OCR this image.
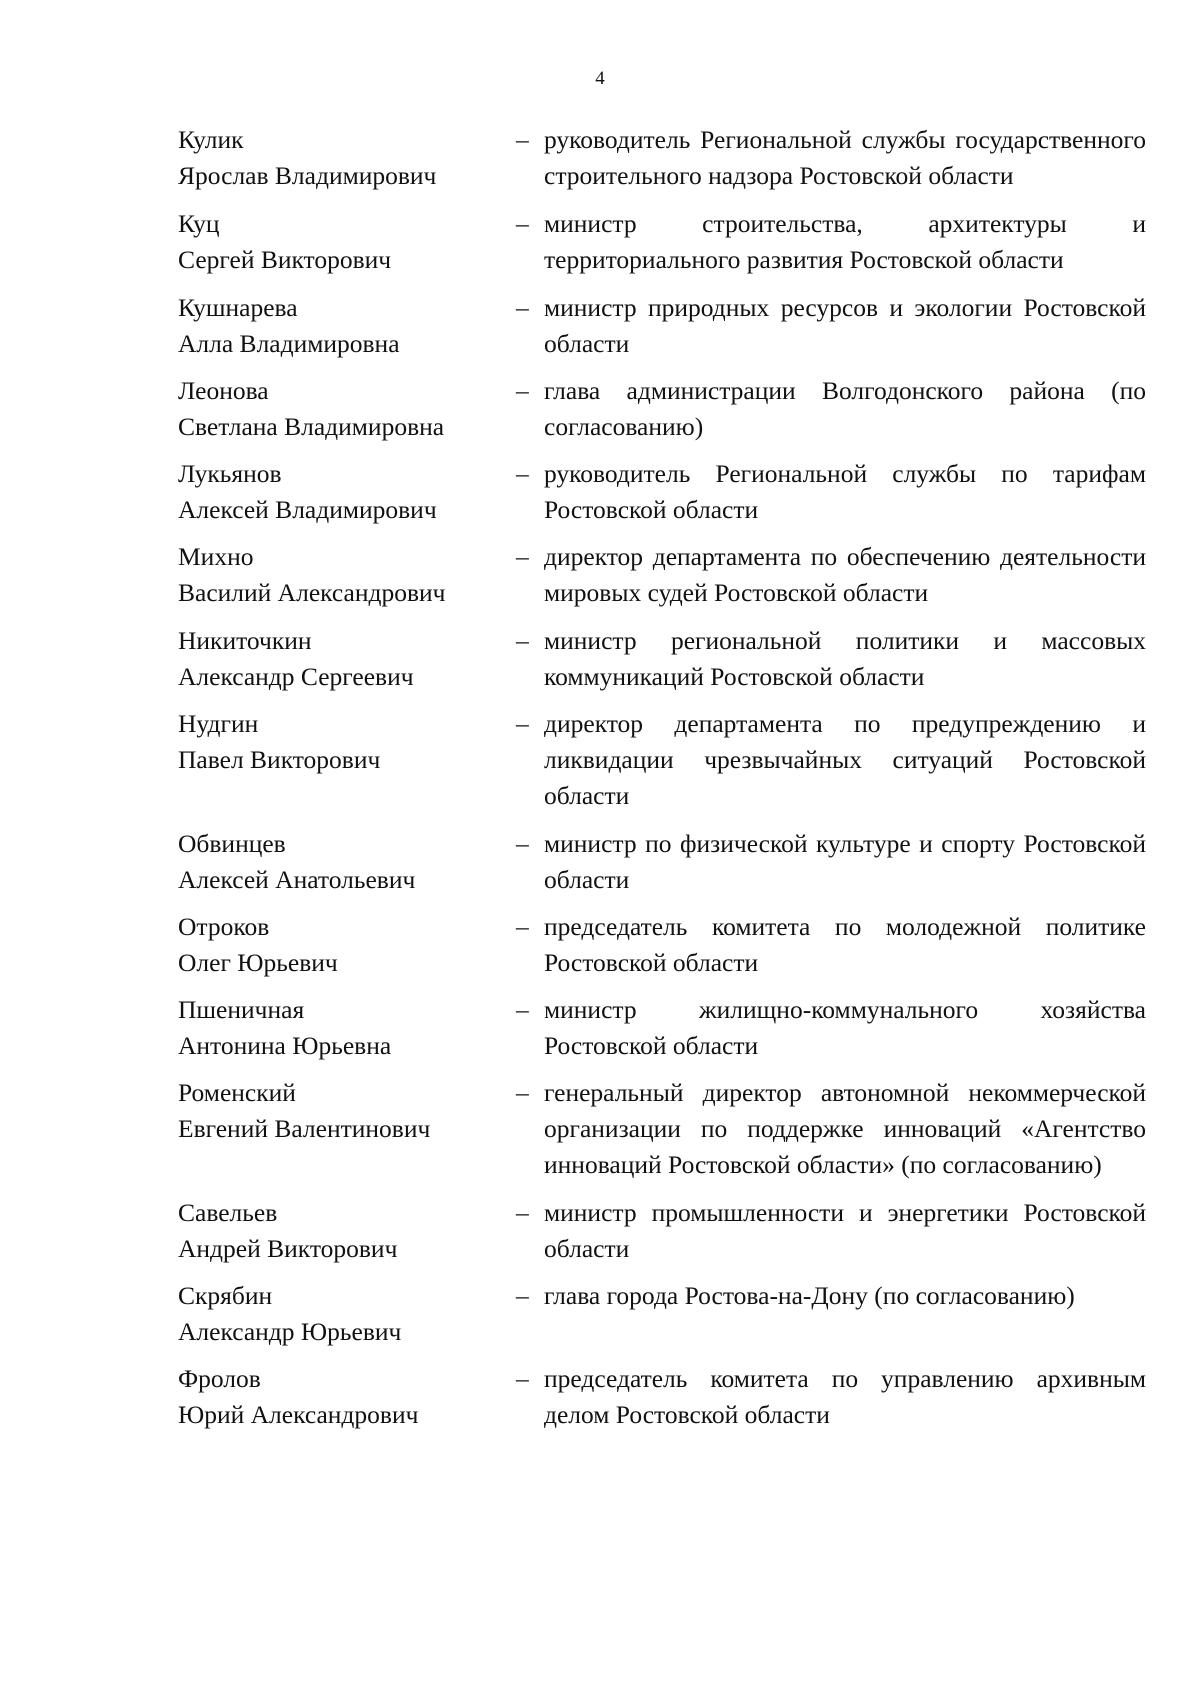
4
Кулик
Ярослав Владимирович
– руководитель Региональной службы государственного строительного надзора Ростовской области
Куц
Сергей Викторович
– министр строительства, архитектуры и территориального развития Ростовской области
Кушнарева
Алла Владимировна
– министр природных ресурсов и экологии Ростовской области
Леонова
Светлана Владимировна
– глава администрации Волгодонского района (по согласованию)
Лукьянов
Алексей Владимирович
– руководитель Региональной службы по тарифам Ростовской области
Михно
Василий Александрович
– директор департамента по обеспечению деятельности мировых судей Ростовской области
Никиточкин
Александр Сергеевич
– министр региональной политики и массовых коммуникаций Ростовской области
Нудгин
Павел Викторович
– директор департамента по предупреждению и ликвидации чрезвычайных ситуаций Ростовской области
Обвинцев
Алексей Анатольевич
– министр по физической культуре и спорту Ростовской области
Отроков
Олег Юрьевич
– председатель комитета по молодежной политике Ростовской области
Пшеничная
Антонина Юрьевна
– министр жилищно-коммунального хозяйства Ростовской области
Роменский
Евгений Валентинович
– генеральный директор автономной некоммерческой организации по поддержке инноваций «Агентство инноваций Ростовской области» (по согласованию)
Савельев
Андрей Викторович
– министр промышленности и энергетики Ростовской области
Скрябин
Александр Юрьевич
– глава города Ростова-на-Дону (по согласованию)
Фролов
Юрий Александрович
– председатель комитета по управлению архивным делом Ростовской области
